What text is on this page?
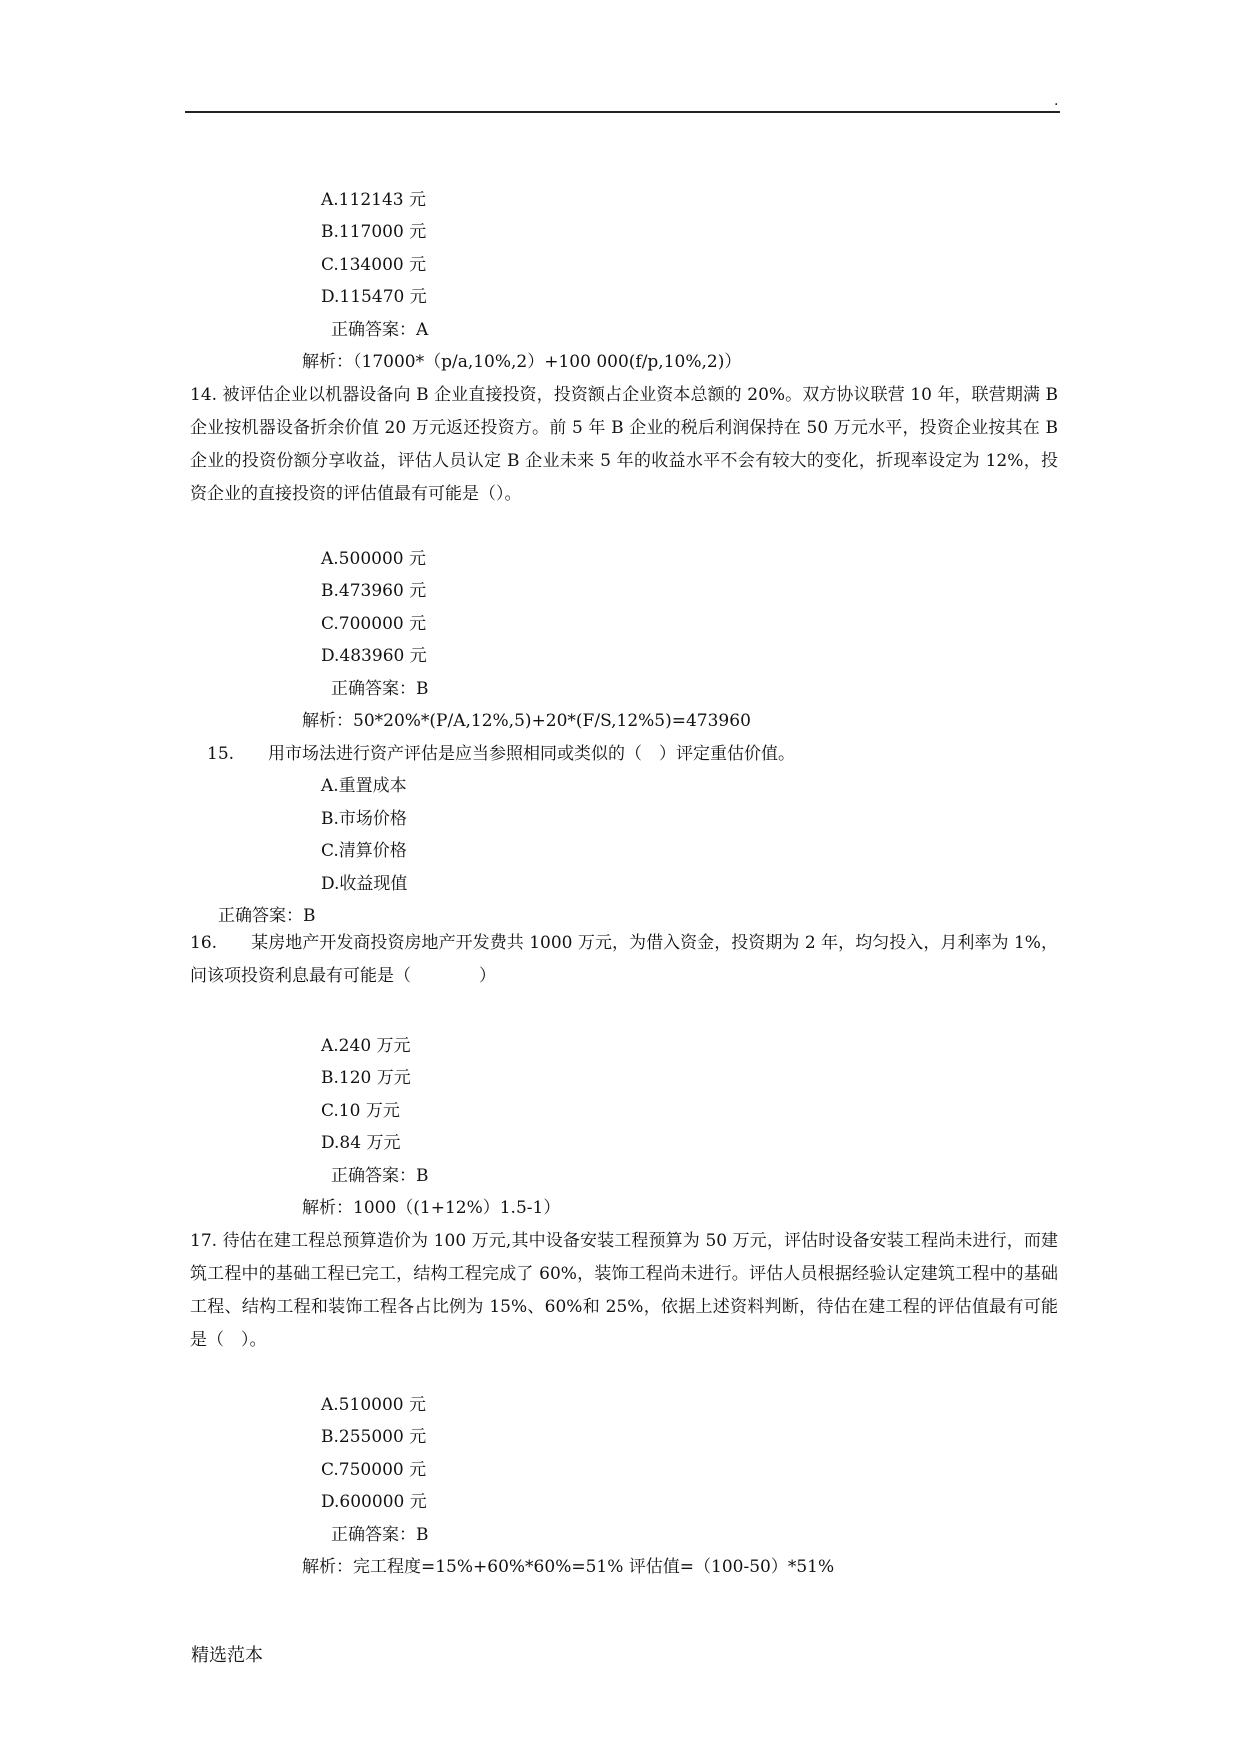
.
A.112143 元
B.117000 元
C.134000 元
D.115470 元
正确答案：A
解析：（17000*（p/a,10%,2）+100 000(f/p,10%,2)）
14. 被评估企业以机器设备向 B 企业直接投资，投资额占企业资本总额的 20%。双方协议联营 10 年，联营期满 B 企业按机器设备折余价值 20 万元返还投资方。前 5 年 B 企业的税后利润保持在 50 万元水平，投资企业按其在 B 企业的投资份额分享收益，评估人员认定 B 企业未来 5 年的收益水平不会有较大的变化，折现率设定为 12%，投资企业的直接投资的评估值最有可能是（）。
A.500000 元
B.473960 元
C.700000 元
D.483960 元
正确答案：B
解析：50*20%*(P/A,12%,5)+20*(F/S,12%5)=473960
15.　　用市场法进行资产评估是应当参照相同或类似的（　）评定重估价值。
A.重置成本
B.市场价格
C.清算价格
D.收益现值
正确答案：B
16.　　某房地产开发商投资房地产开发费共 1000 万元，为借入资金，投资期为 2 年，均匀投入，月利率为 1%，问该项投资利息最有可能是（　　　　）
A.240 万元
B.120 万元
C.10 万元
D.84 万元
正确答案：B
解析：1000（(1+12%）1.5-1）
17. 待估在建工程总预算造价为 100 万元,其中设备安装工程预算为 50 万元，评估时设备安装工程尚未进行，而建筑工程中的基础工程已完工，结构工程完成了 60%，装饰工程尚未进行。评估人员根据经验认定建筑工程中的基础工程、结构工程和装饰工程各占比例为 15%、60%和 25%，依据上述资料判断，待估在建工程的评估值最有可能是（　）。
A.510000 元
B.255000 元
C.750000 元
D.600000 元
正确答案：B
解析：完工程度=15%+60%*60%=51% 评估值=（100-50）*51%
精选范本
